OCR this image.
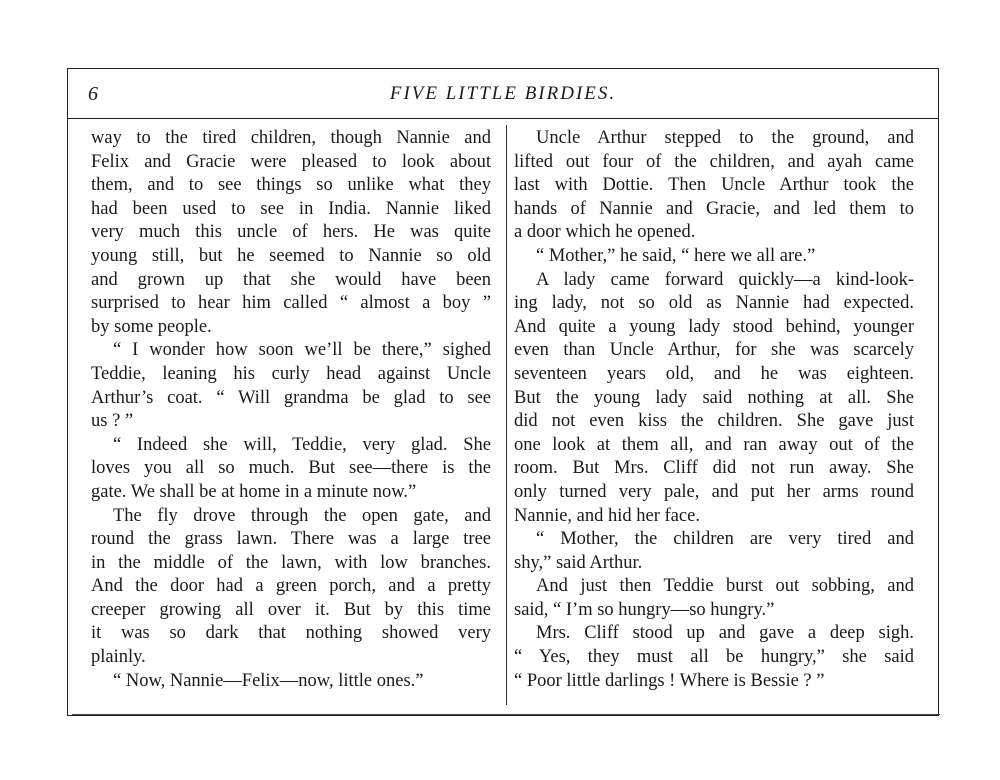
6	FIVE LITTLE BIRDIES.
way to the tired children, though Nannie and
Felix and Gracie were pleased to look about
them, and to see things so unlike what they
had been used to see in India. Nannie liked
very much this uncle of hers. He was quite
young still, but he seemed to Nannie so old
and grown up that she would have been
surprised to hear him called “ almost a boy ”
by some people.
“ I wonder how soon we’ll be there,” sighed
Teddie, leaning his curly head against Uncle
Arthur’s coat. “ Will grandma be glad to see
us ? ”
“ Indeed she will, Teddie, very glad. She
loves you all so much. But see—there is the
gate. We shall be at home in a minute now.”
The fly drove through the open gate, and
round the grass lawn. There was a large tree
in the middle of the lawn, with low branches.
And the door had a green porch, and a pretty
creeper growing all over it. But by this time
it was so dark that nothing showed very
plainly.
“ Now, Nannie—Felix—now, little ones.”
Uncle Arthur stepped to the ground, and
lifted out four of the children, and ayah came
last with Dottie. Then Uncle Arthur took the
hands of Nannie and Gracie, and led them to
a door which he opened.
“ Mother,” he said, “ here we all are.”
A lady came forward quickly—a kind-look-
ing lady, not so old as Nannie had expected.
And quite a young lady stood behind, younger
even than Uncle Arthur, for she was scarcely
seventeen years old, and he was eighteen.
But the young lady said nothing at all. She
did not even kiss the children. She gave just
one look at them all, and ran away out of the
room. But Mrs. Cliff did not run away. She
only turned very pale, and put her arms round
Nannie, and hid her face.
“ Mother, the children are very tired and
shy,” said Arthur.
And just then Teddie burst out sobbing, and
said, “ I’m so hungry—so hungry.”
Mrs. Cliff stood up and gave a deep sigh.
“ Yes, they must all be hungry,” she said
“ Poor little darlings ! Where is Bessie ? ”
